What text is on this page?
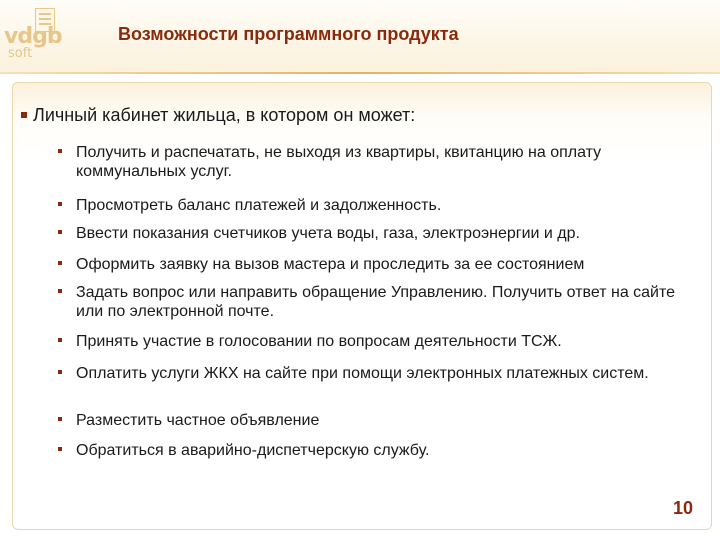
vdgb
soft
Возможности программного продукта
Личный кабинет жильца, в котором он может:
Получить и распечатать, не выходя из квартиры, квитанцию на оплату коммунальных услуг.
Просмотреть баланс платежей и задолженность.
Ввести показания счетчиков учета воды, газа, электроэнергии и др.
Оформить заявку на вызов мастера и проследить за ее состоянием
Задать вопрос или направить обращение Управлению. Получить ответ на сайте или по электронной почте.
Принять участие в голосовании по вопросам деятельности ТСЖ.
Оплатить услуги ЖКХ на сайте при помощи электронных платежных систем.
Разместить частное объявление
Обратиться в аварийно-диспетчерскую службу.
10
